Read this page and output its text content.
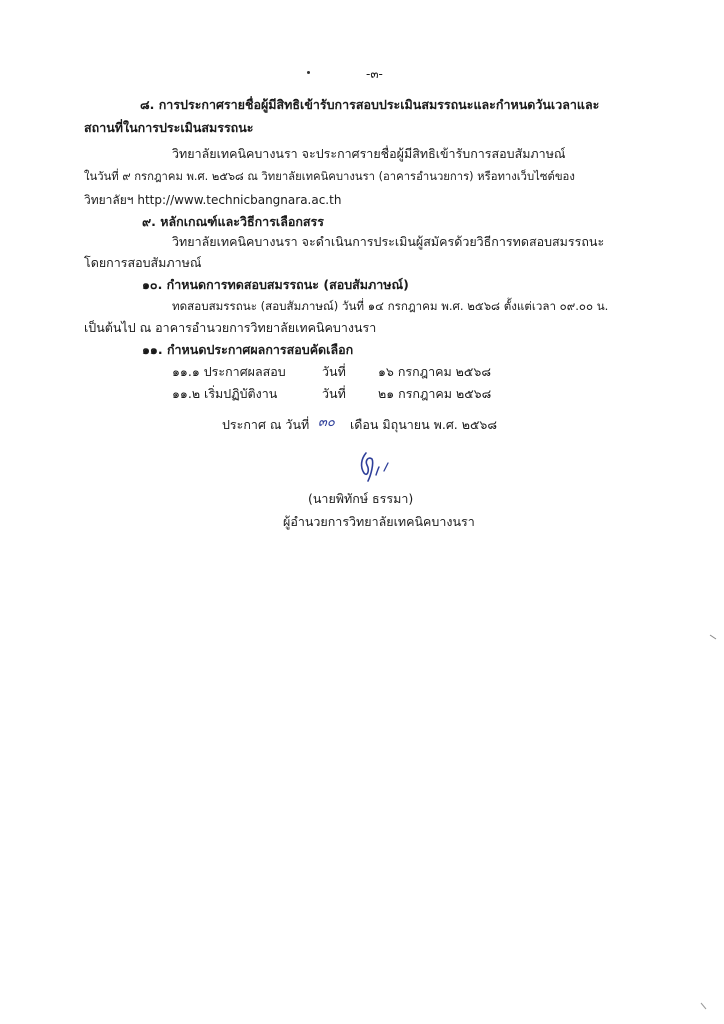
-๓-
๘. การประกาศรายชื่อผู้มีสิทธิเข้ารับการสอบประเมินสมรรถนะและกำหนดวันเวลาและ
สถานที่ในการประเมินสมรรถนะ
วิทยาลัยเทคนิคบางนรา จะประกาศรายชื่อผู้มีสิทธิเข้ารับการสอบสัมภาษณ์
ในวันที่ ๙ กรกฎาคม พ.ศ. ๒๕๖๘ ณ วิทยาลัยเทคนิคบางนรา (อาคารอำนวยการ) หรือทางเว็บไซต์ของ
วิทยาลัยฯ http://www.technicbangnara.ac.th
๙. หลักเกณฑ์และวิธีการเลือกสรร
วิทยาลัยเทคนิคบางนรา จะดำเนินการประเมินผู้สมัครด้วยวิธีการทดสอบสมรรถนะ
โดยการสอบสัมภาษณ์
๑๐. กำหนดการทดสอบสมรรถนะ (สอบสัมภาษณ์)
ทดสอบสมรรถนะ (สอบสัมภาษณ์) วันที่ ๑๔ กรกฎาคม พ.ศ. ๒๕๖๘ ตั้งแต่เวลา ๐๙.๐๐ น.
เป็นต้นไป ณ อาคารอำนวยการวิทยาลัยเทคนิคบางนรา
๑๑. กำหนดประกาศผลการสอบคัดเลือก
๑๑.๑ ประกาศผลสอบ	วันที่	๑๖ กรกฎาคม ๒๕๖๘
๑๑.๒ เริ่มปฏิบัติงาน	วันที่	๒๑ กรกฎาคม ๒๕๖๘
ประกาศ ณ วันที่ ๓๐ เดือน มิถุนายน พ.ศ. ๒๕๖๘
(นายพิทักษ์ ธรรมา)
ผู้อำนวยการวิทยาลัยเทคนิคบางนรา
